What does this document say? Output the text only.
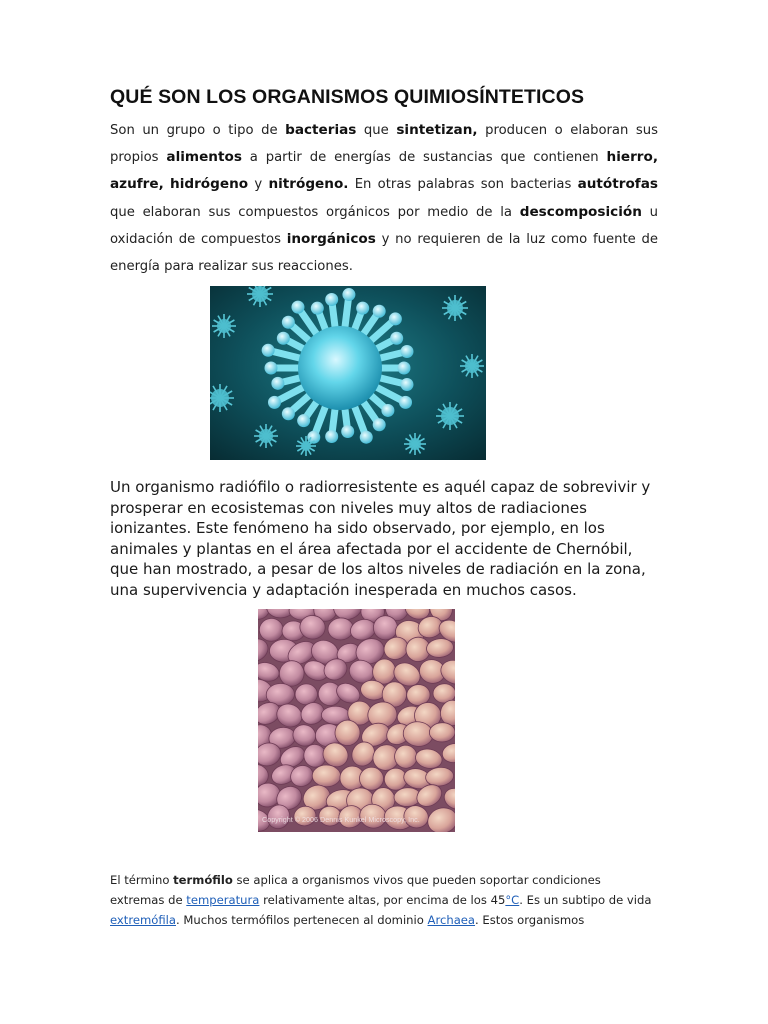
QUÉ SON LOS ORGANISMOS QUIMIOSÍNTETICOS
Son un grupo o tipo de bacterias que sintetizan, producen o elaboran sus propios alimentos a partir de energías de sustancias que contienen hierro, azufre, hidrógeno y nitrógeno. En otras palabras son bacterias autótrofas que elaboran sus compuestos orgánicos por medio de la descomposición u oxidación de compuestos inorgánicos y no requieren de la luz como fuente de energía para realizar sus reacciones.
Un organismo radiófilo o radiorresistente es aquél capaz de sobrevivir y prosperar en ecosistemas con niveles muy altos de radiaciones ionizantes. Este fenómeno ha sido observado, por ejemplo, en los animales y plantas en el área afectada por el accidente de Chernóbil, que han mostrado, a pesar de los altos niveles de radiación en la zona, una supervivencia y adaptación inesperada en muchos casos.
Copyright © 2006 Dennis Kunkel Microscopy, Inc.
El término termófilo se aplica a organismos vivos que pueden soportar condiciones extremas de temperatura relativamente altas, por encima de los 45°C. Es un subtipo de vida extremófila. Muchos termófilos pertenecen al dominio Archaea. Estos organismos
